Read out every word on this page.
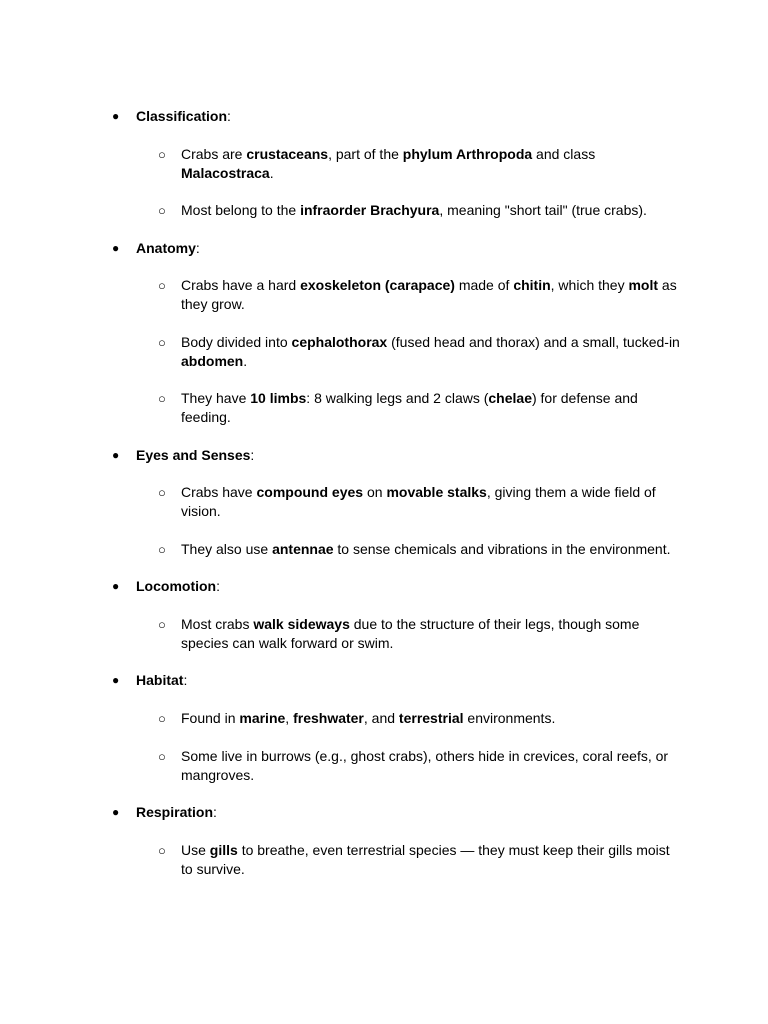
● Classification:
○ Crabs are crustaceans, part of the phylum Arthropoda and class Malacostraca.
○ Most belong to the infraorder Brachyura, meaning "short tail" (true crabs).
● Anatomy:
○ Crabs have a hard exoskeleton (carapace) made of chitin, which they molt as they grow.
○ Body divided into cephalothorax (fused head and thorax) and a small, tucked-in abdomen.
○ They have 10 limbs: 8 walking legs and 2 claws (chelae) for defense and feeding.
● Eyes and Senses:
○ Crabs have compound eyes on movable stalks, giving them a wide field of vision.
○ They also use antennae to sense chemicals and vibrations in the environment.
● Locomotion:
○ Most crabs walk sideways due to the structure of their legs, though some species can walk forward or swim.
● Habitat:
○ Found in marine, freshwater, and terrestrial environments.
○ Some live in burrows (e.g., ghost crabs), others hide in crevices, coral reefs, or mangroves.
● Respiration:
○ Use gills to breathe, even terrestrial species — they must keep their gills moist to survive.
